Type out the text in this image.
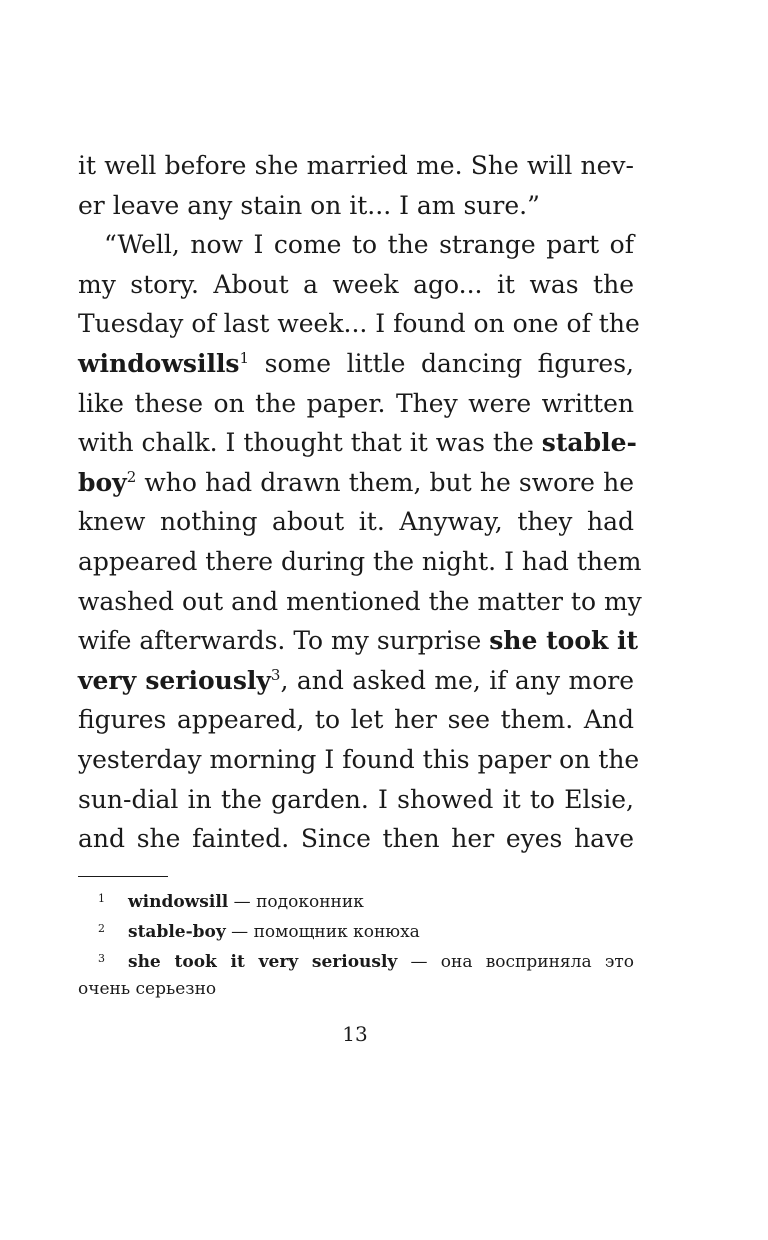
it well before she married me. She will nev-
er leave any stain on it... I am sure.”
“Well, now I come to the strange part of
my story. About a week ago... it was the
Tuesday of last week... I found on one of the
windowsills$^1$ some little dancing figures,
like these on the paper. They were written
with chalk. I thought that it was the stable-
boy$^2$ who had drawn them, but he swore he
knew nothing about it. Anyway, they had
appeared there during the night. I had them
washed out and mentioned the matter to my
wife afterwards. To my surprise she took it
very seriously$^3$, and asked me, if any more
figures appeared, to let her see them. And
yesterday morning I found this paper on the
sun-dial in the garden. I showed it to Elsie,
and she fainted. Since then her eyes have
1 windowsill — подоконник
2 stable-boy — помощник конюха
3 she took it very seriously — она восприняла это
очень серьезно
13
